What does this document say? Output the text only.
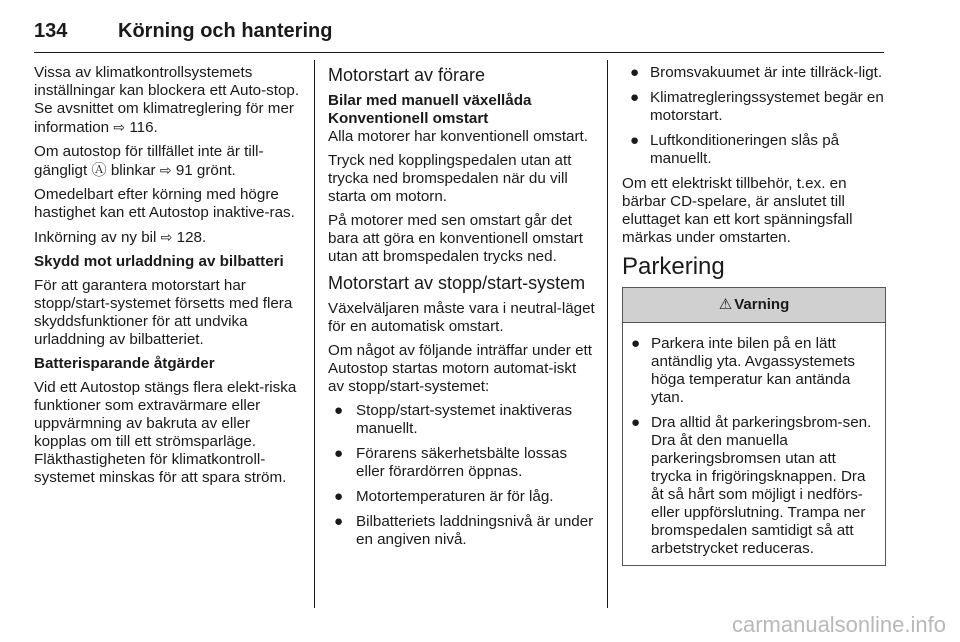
134	Körning och hantering

Vissa av klimatkontrollsystemets inställningar kan blockera ett Auto-stop. Se avsnittet om klimatreglering för mer information ⇨ 116.

Om autostop för tillfället inte är till-gängligt Ⓐ blinkar ⇨ 91 grönt.

Omedelbart efter körning med högre hastighet kan ett Autostop inaktive-ras.

Inkörning av ny bil ⇨ 128.

Skydd mot urladdning av bilbatteri

För att garantera motorstart har stopp/start-systemet försetts med flera skyddsfunktioner för att undvika urladdning av bilbatteriet.

Batterisparande åtgärder

Vid ett Autostop stängs flera elekt-riska funktioner som extravärmare eller uppvärmning av bakruta av eller kopplas om till ett strömsparläge. Fläkthastigheten för klimatkontroll-systemet minskas för att spara ström.

Motorstart av förare

Bilar med manuell växellåda

Konventionell omstart

Alla motorer har konventionell omstart.

Tryck ned kopplingspedalen utan att trycka ned bromspedalen när du vill starta om motorn.

På motorer med sen omstart går det bara att göra en konventionell omstart utan att bromspedalen trycks ned.

Motorstart av stopp/start-system

Växelväljaren måste vara i neutral-läget för en automatisk omstart.

Om något av följande inträffar under ett Autostop startas motorn automat-iskt av stopp/start-systemet:

● Stopp/start-systemet inaktiveras manuellt.
● Förarens säkerhetsbälte lossas eller förardörren öppnas.
● Motortemperaturen är för låg.
● Bilbatteriets laddningsnivå är under en angiven nivå.
● Bromsvakuumet är inte tillräck-ligt.
● Klimatregleringssystemet begär en motorstart.
● Luftkonditioneringen slås på manuellt.

Om ett elektriskt tillbehör, t.ex. en bärbar CD-spelare, är anslutet till eluttaget kan ett kort spänningsfall märkas under omstarten.

Parkering

⚠ Varning
● Parkera inte bilen på en lätt antändlig yta. Avgassystemets höga temperatur kan antända ytan.
● Dra alltid åt parkeringsbrom-sen. Dra åt den manuella parkeringsbromsen utan att trycka in frigöringsknappen. Dra åt så hårt som möjligt i nedförs- eller uppförslutning. Trampa ner bromspedalen samtidigt så att arbetstrycket reduceras.
carmanualsonline.info
